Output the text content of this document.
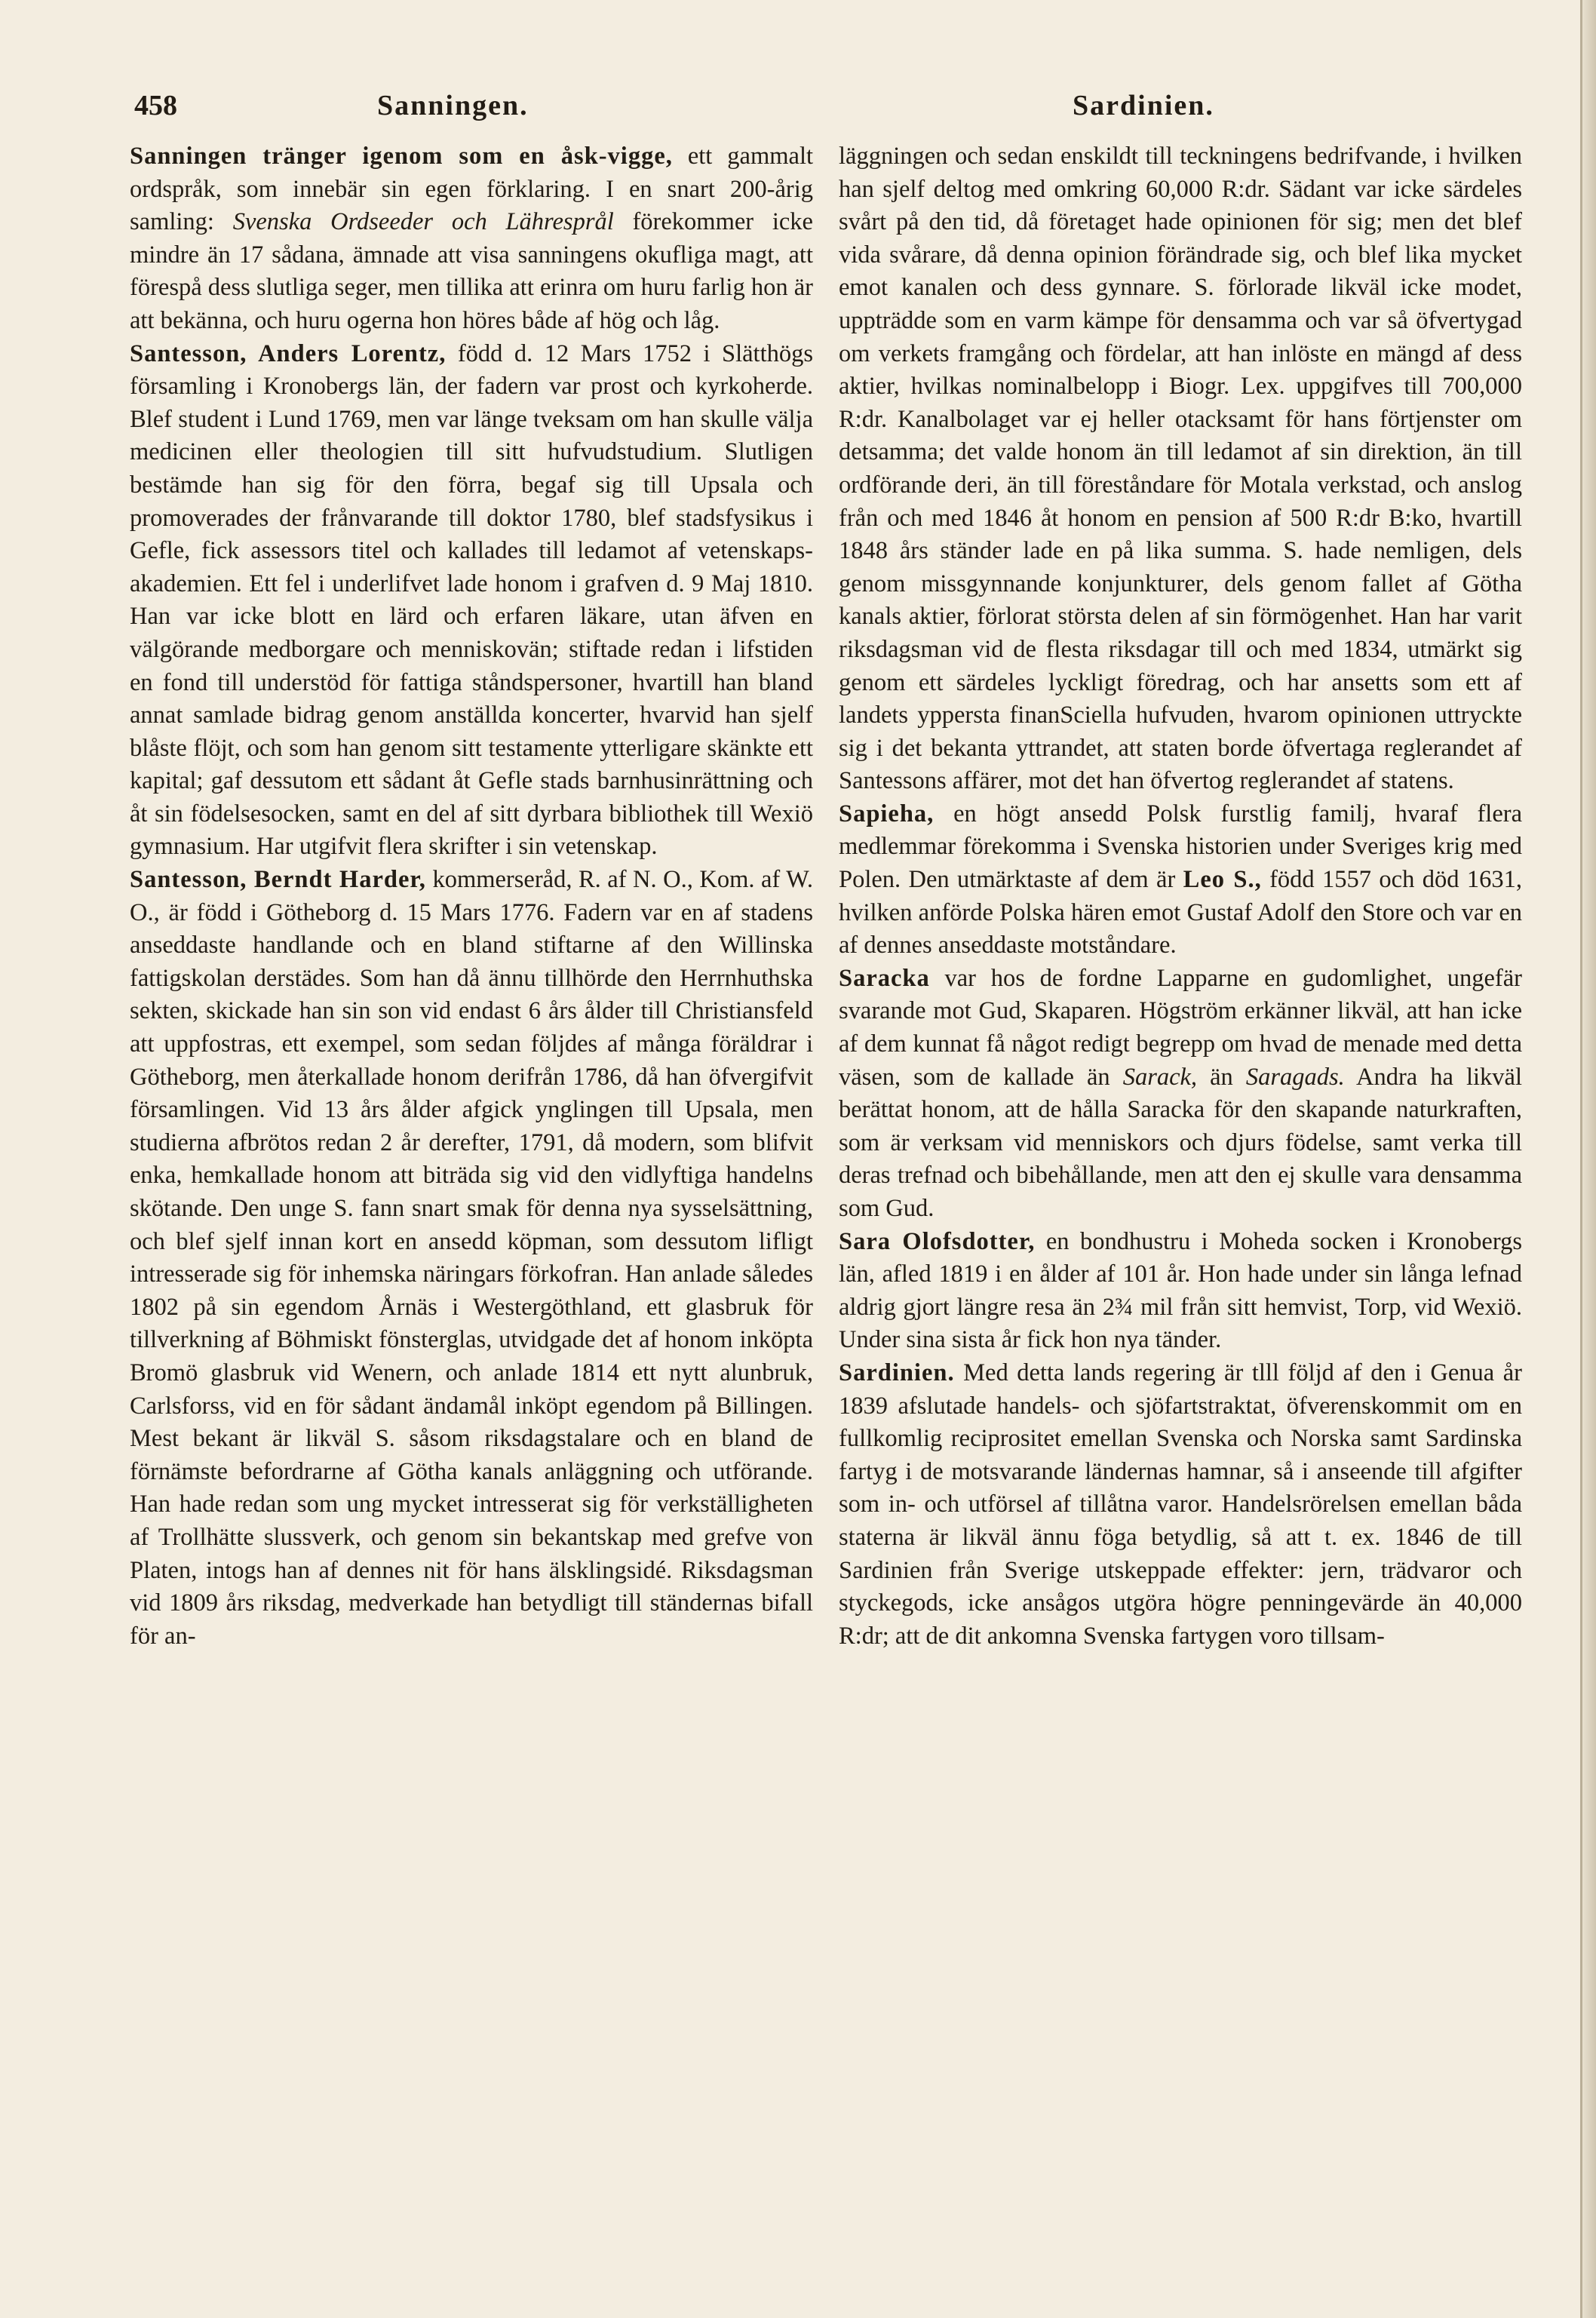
458	Sanningen.	Sardinien.

Sanningen tränger igenom som en åsk-vigge, ett gammalt ordspråk, som innebär sin egen förklaring. I en snart 200-årig samling: Svenska Ordseeder och Lähresprål förekommer icke mindre än 17 sådana, ämnade att visa sanningens okufliga magt, att förespå dess slutliga seger, men tillika att erinra om huru farlig hon är att bekänna, och huru ogerna hon höres både af hög och låg.

Santesson, Anders Lorentz, född d. 12 Mars 1752 i Slätthögs församling i Kronobergs län, der fadern var prost och kyrkoherde. Blef student i Lund 1769, men var länge tveksam om han skulle välja medicinen eller theologien till sitt hufvudstudium. Slutligen bestämde han sig för den förra, begaf sig till Upsala och promoverades der frånvarande till doktor 1780, blef stadsfysikus i Gefle, fick assessors titel och kallades till ledamot af vetenskaps-akademien. Ett fel i underlifvet lade honom i grafven d. 9 Maj 1810. Han var icke blott en lärd och erfaren läkare, utan äfven en välgörande medborgare och menniskovän; stiftade redan i lifstiden en fond till understöd för fattiga ståndspersoner, hvartill han bland annat samlade bidrag genom anställda koncerter, hvarvid han sjelf blåste flöjt, och som han genom sitt testamente ytterligare skänkte ett kapital; gaf dessutom ett sådant åt Gefle stads barnhusinrättning och åt sin födelsesocken, samt en del af sitt dyrbara bibliothek till Wexiö gymnasium. Har utgifvit flera skrifter i sin vetenskap.

Santesson, Berndt Harder, kommerseråd, R. af N. O., Kom. af W. O., är född i Götheborg d. 15 Mars 1776. Fadern var en af stadens anseddaste handlande och en bland stiftarne af den Willinska fattigskolan derstädes. Som han då ännu tillhörde den Herrnhuthska sekten, skickade han sin son vid endast 6 års ålder till Christiansfeld att uppfostras, ett exempel, som sedan följdes af många föräldrar i Götheborg, men återkallade honom derifrån 1786, då han öfvergifvit församlingen. Vid 13 års ålder afgick ynglingen till Upsala, men studierna afbrötos redan 2 år derefter, 1791, då modern, som blifvit enka, hemkallade honom att biträda sig vid den vidlyftiga handelns skötande. Den unge S. fann snart smak för denna nya sysselsättning, och blef sjelf innan kort en ansedd köpman, som dessutom lifligt intresserade sig för inhemska näringars förkofran. Han anlade således 1802 på sin egendom Årnäs i Westergöthland, ett glasbruk för tillverkning af Böhmiskt fönsterglas, utvidgade det af honom inköpta Bromö glasbruk vid Wenern, och anlade 1814 ett nytt alunbruk, Carlsforss, vid en för sådant ändamål inköpt egendom på Billingen. Mest bekant är likväl S. såsom riksdagstalare och en bland de förnämste befordrarne af Götha kanals anläggning och utförande. Han hade redan som ung mycket intresserat sig för verkställigheten af Trollhätte slussverk, och genom sin bekantskap med grefve von Platen, intogs han af dennes nit för hans älsklingsidé. Riksdagsman vid 1809 års riksdag, medverkade han betydligt till ständernas bifall för an-

läggningen och sedan enskildt till teckningens bedrifvande, i hvilken han sjelf deltog med omkring 60,000 R:dr. Sädant var icke särdeles svårt på den tid, då företaget hade opinionen för sig; men det blef vida svårare, då denna opinion förändrade sig, och blef lika mycket emot kanalen och dess gynnare. S. förlorade likväl icke modet, uppträdde som en varm kämpe för densamma och var så öfvertygad om verkets framgång och fördelar, att han inlöste en mängd af dess aktier, hvilkas nominalbelopp i Biogr. Lex. uppgifves till 700,000 R:dr. Kanalbolaget var ej heller otacksamt för hans förtjenster om detsamma; det valde honom än till ledamot af sin direktion, än till ordförande deri, än till föreståndare för Motala verkstad, och anslog från och med 1846 åt honom en pension af 500 R:dr B:ko, hvartill 1848 års ständer lade en på lika summa. S. hade nemligen, dels genom missgynnande konjunkturer, dels genom fallet af Götha kanals aktier, förlorat största delen af sin förmögenhet. Han har varit riksdagsman vid de flesta riksdagar till och med 1834, utmärkt sig genom ett särdeles lyckligt föredrag, och har ansetts som ett af landets yppersta finanSciella hufvuden, hvarom opinionen uttryckte sig i det bekanta yttrandet, att staten borde öfvertaga reglerandet af Santessons affärer, mot det han öfvertog reglerandet af statens.

Sapieha, en högt ansedd Polsk furstlig familj, hvaraf flera medlemmar förekomma i Svenska historien under Sveriges krig med Polen. Den utmärktaste af dem är Leo S., född 1557 och död 1631, hvilken anförde Polska hären emot Gustaf Adolf den Store och var en af dennes anseddaste motståndare.

Saracka var hos de fordne Lapparne en gudomlighet, ungefär svarande mot Gud, Skaparen. Högström erkänner likväl, att han icke af dem kunnat få något redigt begrepp om hvad de menade med detta väsen, som de kallade än Sarack, än Saragads. Andra ha likväl berättat honom, att de hålla Saracka för den skapande naturkraften, som är verksam vid menniskors och djurs födelse, samt verka till deras trefnad och bibehållande, men att den ej skulle vara densamma som Gud.

Sara Olofsdotter, en bondhustru i Moheda socken i Kronobergs län, afled 1819 i en ålder af 101 år. Hon hade under sin långa lefnad aldrig gjort längre resa än 2¾ mil från sitt hemvist, Torp, vid Wexiö. Under sina sista år fick hon nya tänder.

Sardinien. Med detta lands regering är tlll följd af den i Genua år 1839 afslutade handels- och sjöfartstraktat, öfverenskommit om en fullkomlig reciprositet emellan Svenska och Norska samt Sardinska fartyg i de motsvarande ländernas hamnar, så i anseende till afgifter som in- och utförsel af tillåtna varor. Handelsrörelsen emellan båda staterna är likväl ännu föga betydlig, så att t. ex. 1846 de till Sardinien från Sverige utskeppade effekter: jern, trädvaror och styckegods, icke ansågos utgöra högre penningevärde än 40,000 R:dr; att de dit ankomna Svenska fartygen voro tillsam-
